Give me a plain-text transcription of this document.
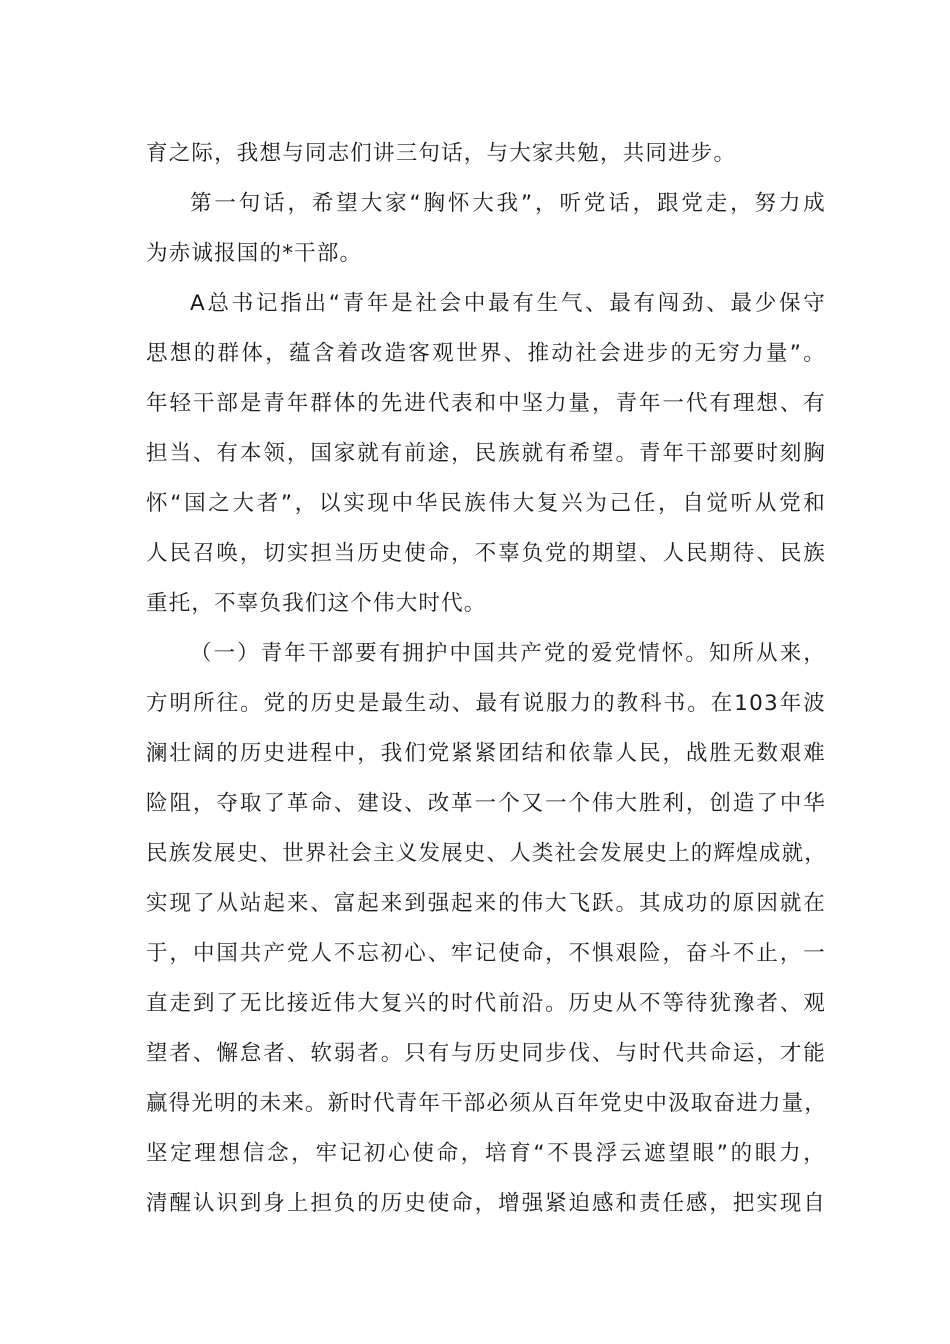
育之际，我想与同志们讲三句话，与大家共勉，共同进步。
第一句话，希望大家“胸怀大我”，听党话，跟党走，努力成
为赤诚报国的*干部。
A总书记指出“青年是社会中最有生气、最有闯劲、最少保守
思想的群体，蕴含着改造客观世界、推动社会进步的无穷力量”。
年轻干部是青年群体的先进代表和中坚力量，青年一代有理想、有
担当、有本领，国家就有前途，民族就有希望。青年干部要时刻胸
怀“国之大者”，以实现中华民族伟大复兴为己任，自觉听从党和
人民召唤，切实担当历史使命，不辜负党的期望、人民期待、民族
重托，不辜负我们这个伟大时代。
（一）青年干部要有拥护中国共产党的爱党情怀。知所从来，
方明所往。党的历史是最生动、最有说服力的教科书。在103年波
澜壮阔的历史进程中，我们党紧紧团结和依靠人民，战胜无数艰难
险阻，夺取了革命、建设、改革一个又一个伟大胜利，创造了中华
民族发展史、世界社会主义发展史、人类社会发展史上的辉煌成就，
实现了从站起来、富起来到强起来的伟大飞跃。其成功的原因就在
于，中国共产党人不忘初心、牢记使命，不惧艰险，奋斗不止，一
直走到了无比接近伟大复兴的时代前沿。历史从不等待犹豫者、观
望者、懈怠者、软弱者。只有与历史同步伐、与时代共命运，才能
赢得光明的未来。新时代青年干部必须从百年党史中汲取奋进力量，
坚定理想信念，牢记初心使命，培育“不畏浮云遮望眼”的眼力，
清醒认识到身上担负的历史使命，增强紧迫感和责任感，把实现自
